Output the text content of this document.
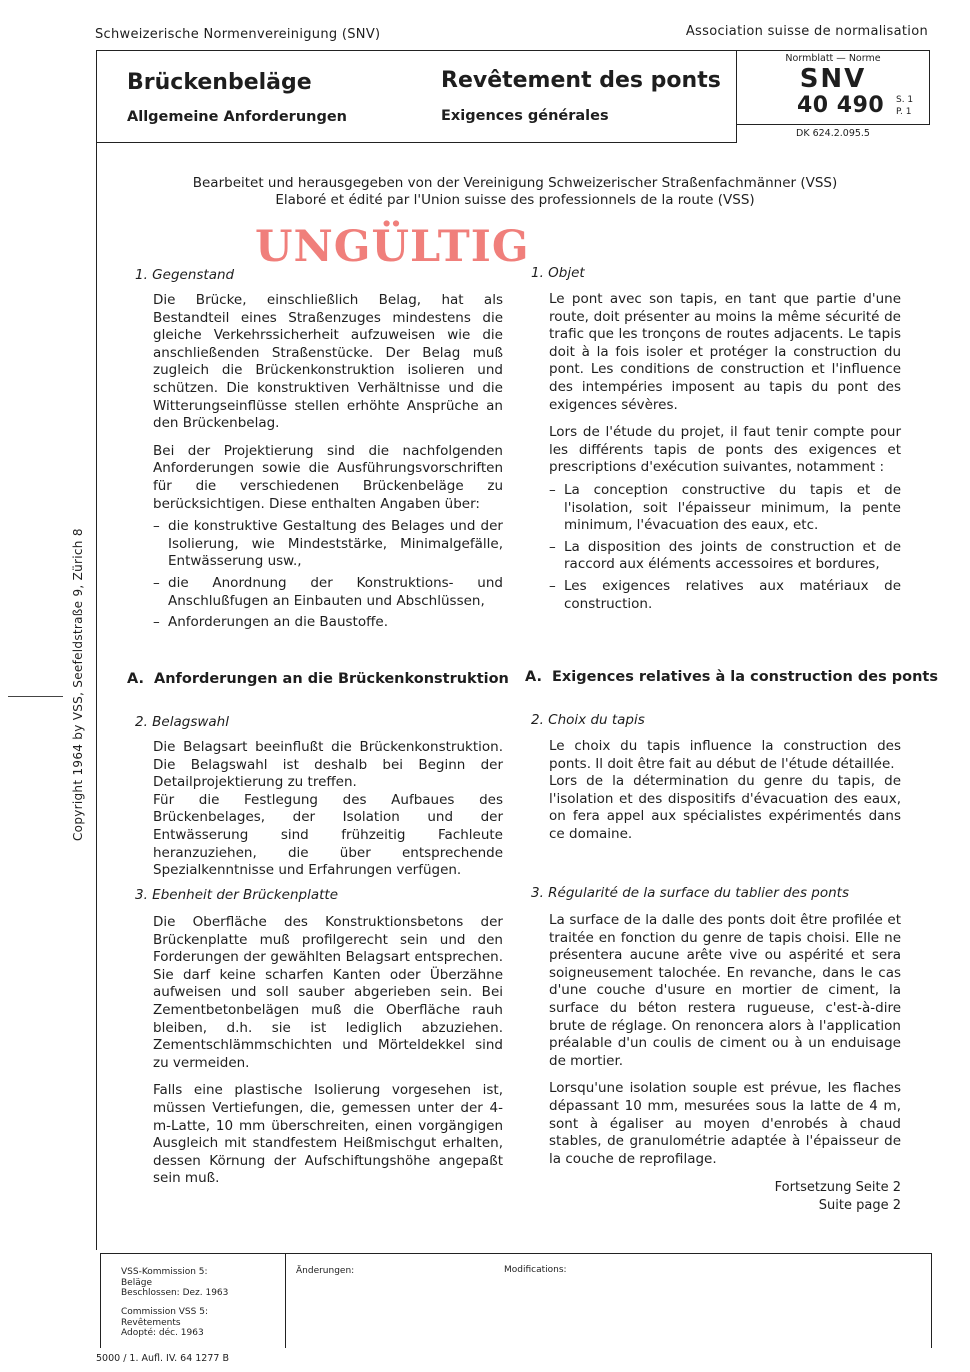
Schweizerische Normenvereinigung (SNV)	Association suisse de normalisation
Brückenbeläge
Allgemeine Anforderungen
Revêtement des ponts
Exigences générales
Normblatt — Norme
SNV
40 490 S. 1
P. 1
DK 624.2.095.5
Bearbeitet und herausgegeben von der Vereinigung Schweizerischer Straßenfachmänner (VSS)
Elaboré et édité par l'Union suisse des professionnels de la route (VSS)
UNGÜLTIG
1. Gegenstand

Die Brücke, einschließlich Belag, hat als Bestandteil eines Straßenzuges mindestens die gleiche Verkehrssicherheit aufzuweisen wie die anschließenden Straßenstücke. Der Belag muß zugleich die Brückenkonstruktion isolieren und schützen. Die konstruktiven Verhältnisse und die Witterungseinflüsse stellen erhöhte Ansprüche an den Brückenbelag.

Bei der Projektierung sind die nachfolgenden Anforderungen sowie die Ausführungsvorschriften für die verschiedenen Brückenbeläge zu berücksichtigen. Diese enthalten Angaben über:

– die konstruktive Gestaltung des Belages und der Isolierung, wie Mindeststärke, Minimalgefälle, Entwässerung usw.,
– die Anordnung der Konstruktions- und Anschlußfugen an Einbauten und Abschlüssen,
– Anforderungen an die Baustoffe.
A. Anforderungen an die Brückenkonstruktion
2. Belagswahl

Die Belagsart beeinflußt die Brückenkonstruktion. Die Belagswahl ist deshalb bei Beginn der Detailprojektierung zu treffen.

Für die Festlegung des Aufbaues des Brückenbelages, der Isolation und der Entwässerung sind frühzeitig Fachleute heranzuziehen, die über entsprechende Spezialkenntnisse und Erfahrungen verfügen.

3. Ebenheit der Brückenplatte

Die Oberfläche des Konstruktionsbetons der Brückenplatte muß profilgerecht sein und den Forderungen der gewählten Belagsart entsprechen. Sie darf keine scharfen Kanten oder Überzähne aufweisen und soll sauber abgerieben sein. Bei Zementbetonbelägen muß die Oberfläche rauh bleiben, d.h. sie ist lediglich abzuziehen. Zementschlämmschichten und Mörteldekkel sind zu vermeiden.

Falls eine plastische Isolierung vorgesehen ist, müssen Vertiefungen, die, gemessen unter der 4-m-Latte, 10 mm überschreiten, einen vorgängigen Ausgleich mit standfestem Heißmischgut erhalten, dessen Körnung der Aufschiftungshöhe angepaßt sein muß.

1. Objet

Le pont avec son tapis, en tant que partie d'une route, doit présenter au moins la même sécurité de trafic que les tronçons de routes adjacents. Le tapis doit à la fois isoler et protéger la construction du pont. Les conditions de construction et l'influence des intempéries imposent au tapis du pont des exigences sévères.

Lors de l'étude du projet, il faut tenir compte pour les différents tapis de ponts des exigences et prescriptions d'exécution suivantes, notamment :

– La conception constructive du tapis et de l'isolation, soit l'épaisseur minimum, la pente minimum, l'évacuation des eaux, etc.
– La disposition des joints de construction et de raccord aux éléments accessoires et bordures,
– Les exigences relatives aux matériaux de construction.
A. Exigences relatives à la construction des ponts
2. Choix du tapis

Le choix du tapis influence la construction des ponts. Il doit être fait au début de l'étude détaillée.

Lors de la détermination du genre du tapis, de l'isolation et des dispositifs d'évacuation des eaux, on fera appel aux spécialistes expérimentés dans ce domaine.

3. Régularité de la surface du tablier des ponts

La surface de la dalle des ponts doit être profilée et traitée en fonction du genre de tapis choisi. Elle ne présentera aucune arête vive ou aspérité et sera soigneusement talochée. En revanche, dans le cas d'une couche d'usure en mortier de ciment, la surface du béton restera rugueuse, c'est-à-dire brute de réglage. On renoncera alors à l'application préalable d'un coulis de ciment ou à un enduisage de mortier.

Lorsqu'une isolation souple est prévue, les flaches dépassant 10 mm, mesurées sous la latte de 4 m, sont à égaliser au moyen d'enrobés à chaud stables, de granulométrie adaptée à l'épaisseur de la couche de reprofilage.

Fortsetzung Seite 2
Suite page 2
Copyright 1964 by VSS, Seefeldstraße 9, Zürich 8
VSS-Kommission 5:
Beläge
Beschlossen: Dez. 1963
Commission VSS 5:
Revêtements
Adopté: déc. 1963
Änderungen:	Modifications:
5000 / 1. Aufl. IV. 64 1277 B
